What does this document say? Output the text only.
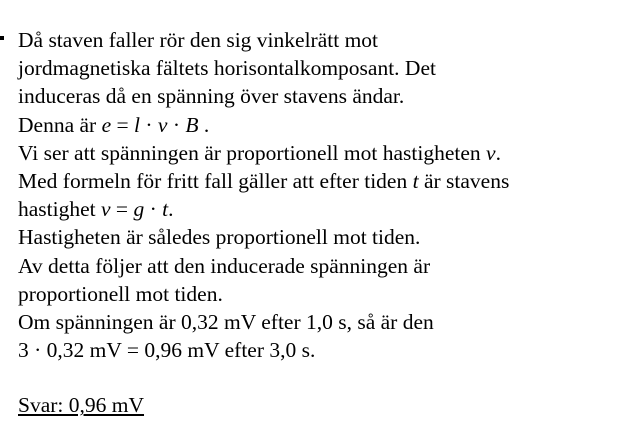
Då staven faller rör den sig vinkelrätt mot
jordmagnetiska fältets horisontalkomposant. Det
induceras då en spänning över stavens ändar.
Denna är e = l · v · B .
Vi ser att spänningen är proportionell mot hastigheten v.
Med formeln för fritt fall gäller att efter tiden t är stavens
hastighet v = g · t.
Hastigheten är således proportionell mot tiden.
Av detta följer att den inducerade spänningen är
proportionell mot tiden.
Om spänningen är 0,32 mV efter 1,0 s, så är den
3 · 0,32 mV = 0,96 mV efter 3,0 s.
Svar: 0,96 mV
